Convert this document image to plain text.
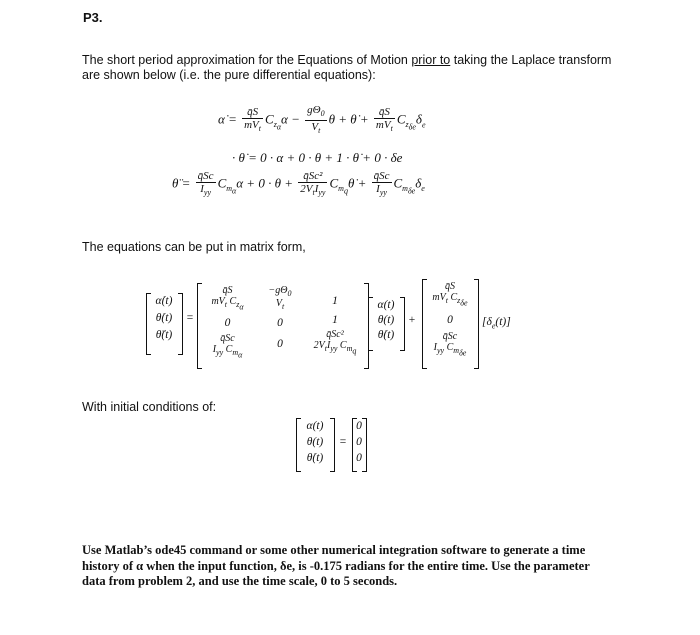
P3.
The short period approximation for the Equations of Motion prior to taking the Laplace transform are shown below (i.e. the pure differential equations):
α̇ = $\frac{q̄S}{mV_t} C_{z_\alpha}\alpha - \frac{g\Theta_0}{V_t}$ θ + θ̇ + $\frac{q̄S}{mV_t} C_{z_{\delta e}}\delta_e$
· θ̇ = 0 · α + 0 · θ + 1 · θ̇ + 0 · δe
θ̈ = $\frac{q̄Sc}{I_{yy}} C_{m_\alpha}\alpha + 0 \cdot \theta + \frac{\text{q̄Sc²}}{2V_tI_{yy}}$ $C_{m_q}\thetȧ + \frac{q̄Sc}{I_{yy}} C_{m_{\delta e}}\delta_e$
The equations can be put in matrix form,
α̇(t)
θ̇(t)
θ̈(t)
=
q̄S
$mV_t$ $C_{z_\alpha}$
0
q̄Sc
$I_{yy}$ $C_{m_\alpha}$
$-g\Theta_0$
$V_t$
0
0
1
1
q̄Sc²
$2V_tI_{yy}$ $C_{m_q}$
α(t)
θ(t)
θ̇(t)
+
q̄S
$mV_t$ $C_{z_{\delta e}}$
0
q̄Sc
$I_{yy}$ $C_{m_{\delta e}}$
$[\delta_e(t)]$
With initial conditions of:
α(t)
θ(t)
θ̇(t)
=
0
0
0
Use Matlab’s ode45 command or some other numerical integration software to generate a time history of α when the input function, δe, is -0.175 radians for the entire time. Use the parameter data from problem 2, and use the time scale, 0 to 5 seconds.
